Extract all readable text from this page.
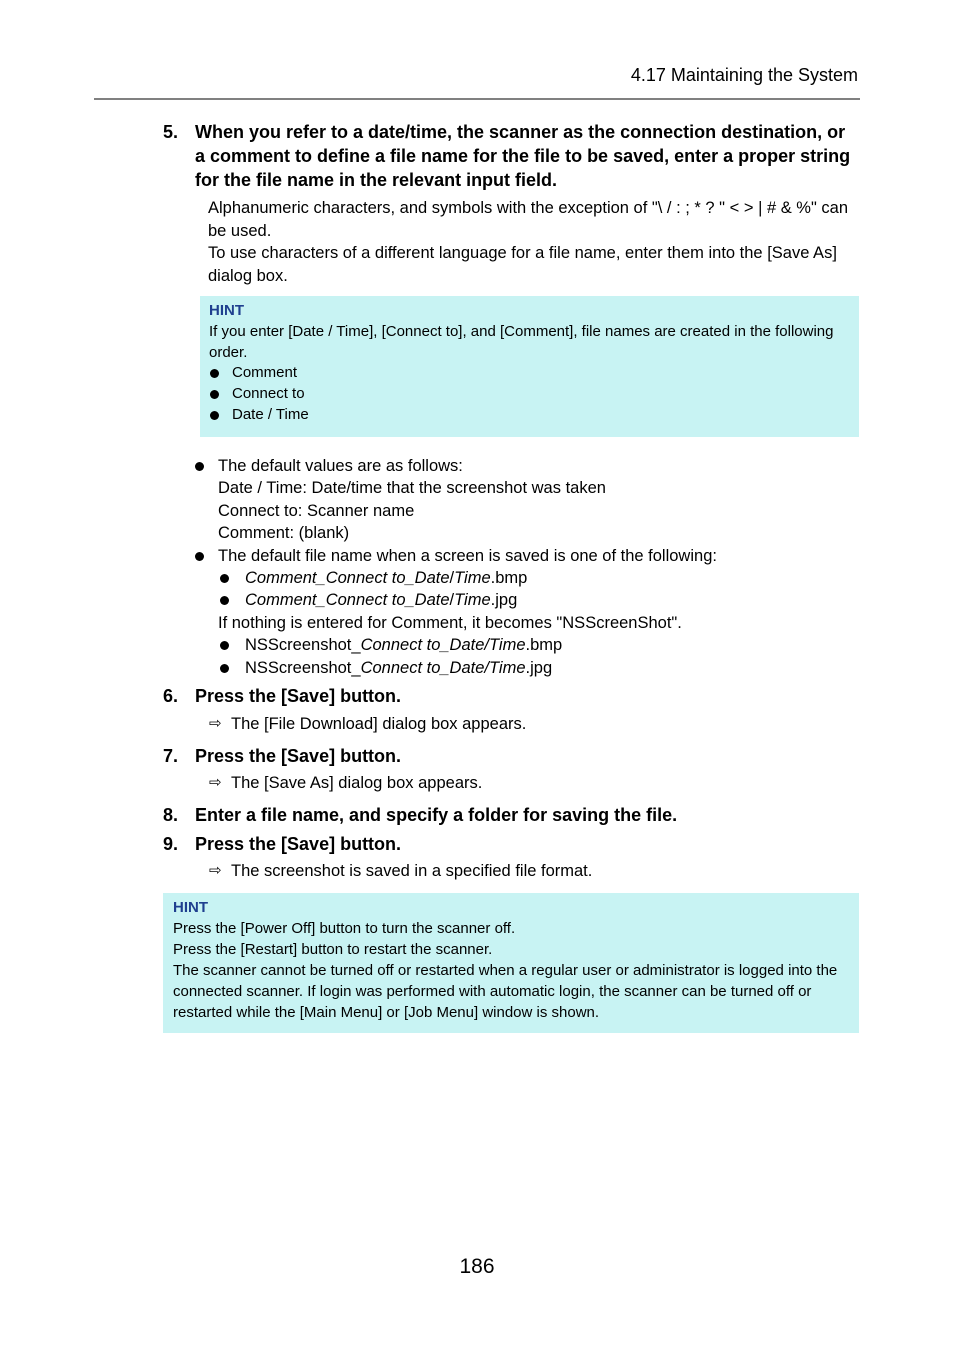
4.17 Maintaining the System
5. When you refer to a date/time, the scanner as the connection destination, or a comment to define a file name for the file to be saved, enter a proper string for the file name in the relevant input field.
Alphanumeric characters, and symbols with the exception of "\ / : ; * ? " < > | # & %" can be used.
To use characters of a different language for a file name, enter them into the [Save As] dialog box.
HINT
If you enter [Date / Time], [Connect to], and [Comment], file names are created in the following order.
Comment
Connect to
Date / Time
The default values are as follows:
Date / Time: Date/time that the screenshot was taken
Connect to: Scanner name
Comment: (blank)
The default file name when a screen is saved is one of the following:
Comment_Connect to_Date/Time.bmp
Comment_Connect to_Date/Time.jpg
If nothing is entered for Comment, it becomes "NSScreenShot".
NSScreenshot_Connect to_Date/Time.bmp
NSScreenshot_Connect to_Date/Time.jpg
6. Press the [Save] button.
⇨ The [File Download] dialog box appears.
7. Press the [Save] button.
⇨ The [Save As] dialog box appears.
8. Enter a file name, and specify a folder for saving the file.
9. Press the [Save] button.
⇨ The screenshot is saved in a specified file format.
HINT
Press the [Power Off] button to turn the scanner off.
Press the [Restart] button to restart the scanner.
The scanner cannot be turned off or restarted when a regular user or administrator is logged into the connected scanner. If login was performed with automatic login, the scanner can be turned off or restarted while the [Main Menu] or [Job Menu] window is shown.
186
